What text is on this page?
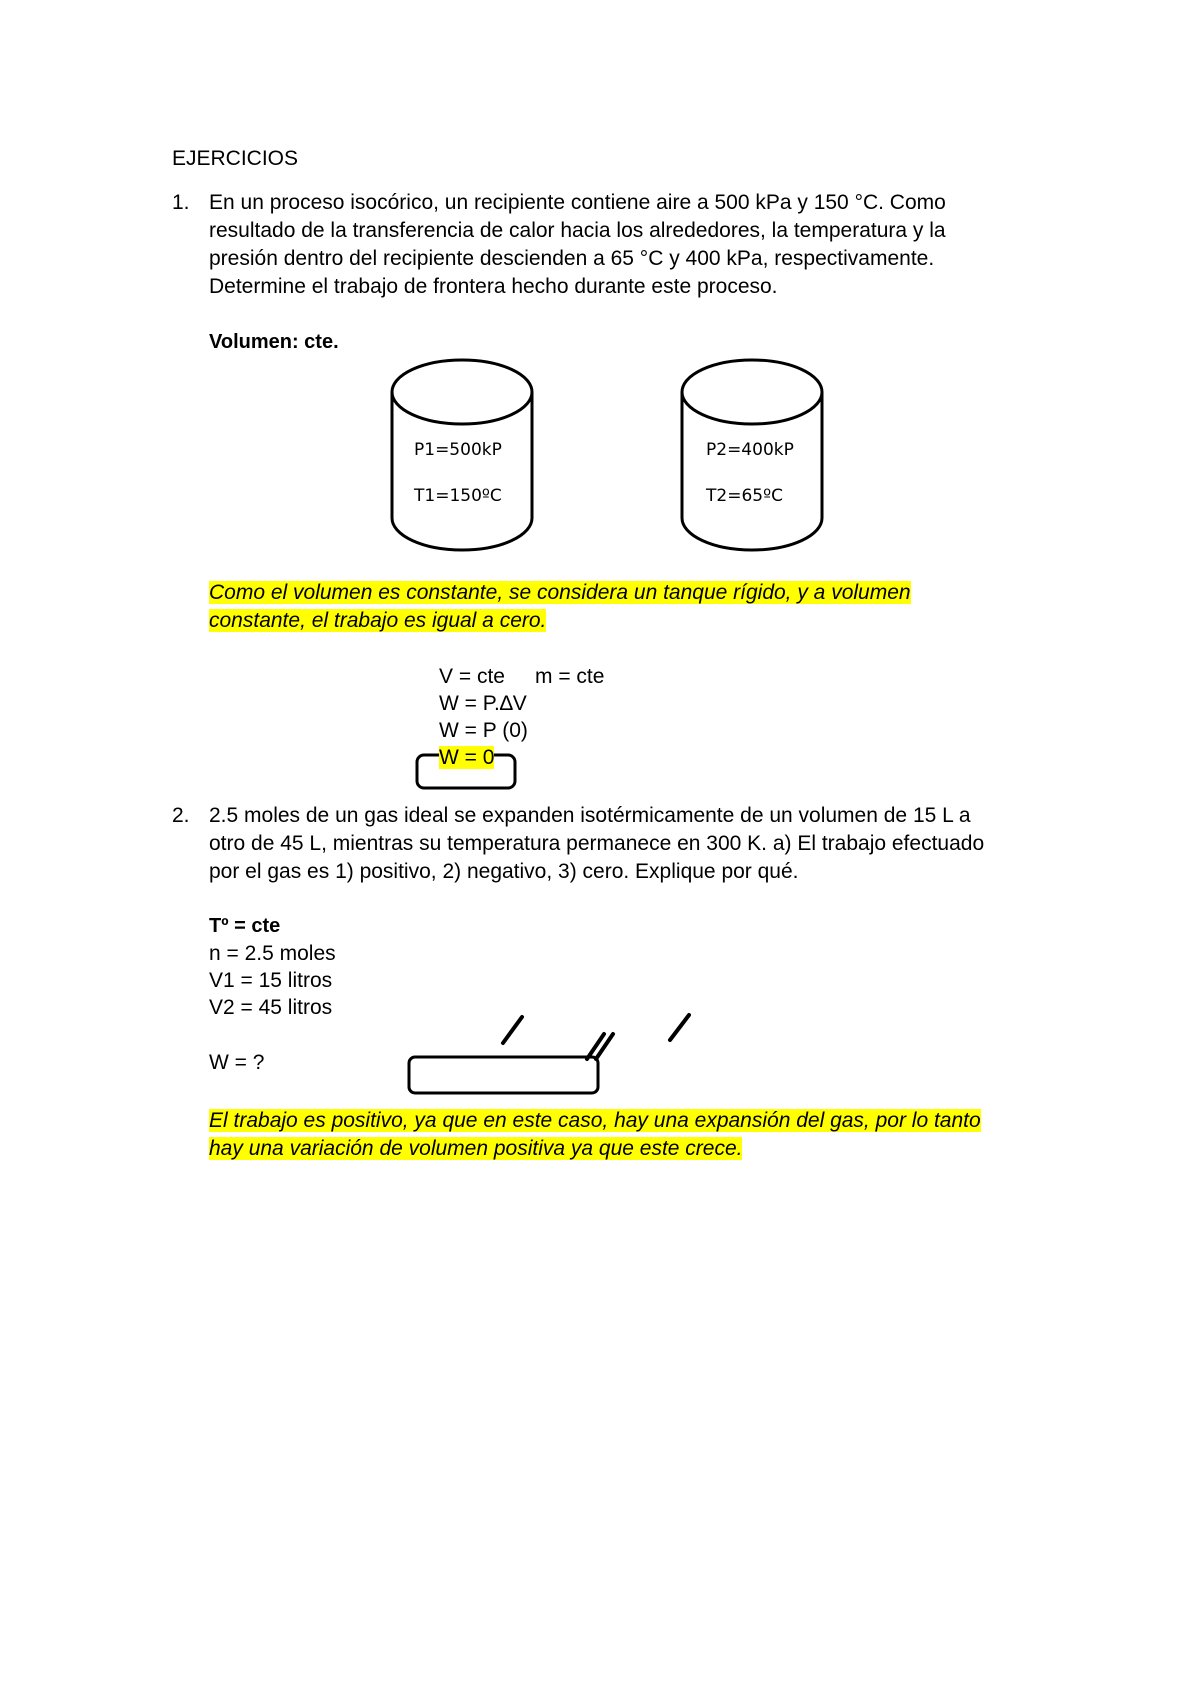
EJERCICIOS
1. En un proceso isocórico, un recipiente contiene aire a 500 kPa y 150 °C. Como
resultado de la transferencia de calor hacia los alrededores, la temperatura y la
presión dentro del recipiente descienden a 65 °C y 400 kPa, respectivamente.
Determine el trabajo de frontera hecho durante este proceso.
Volumen: cte.
P1=500kP
T1=150ºC
P2=400kP
T2=65ºC
Como el volumen es constante, se considera un tanque rígido, y a volumen
constante, el trabajo es igual a cero.
V = cte m = cte
W = P.∆V
W = P (0)
W = 0
2. 2.5 moles de un gas ideal se expanden isotérmicamente de un volumen de 15 L a
otro de 45 L, mientras su temperatura permanece en 300 K. a) El trabajo efectuado
por el gas es 1) positivo, 2) negativo, 3) cero. Explique por qué.
Tº = cte
n = 2.5 moles
V1 = 15 litros
V2 = 45 litros
W = ?
El trabajo es positivo, ya que en este caso, hay una expansión del gas, por lo tanto
hay una variación de volumen positiva ya que este crece.
